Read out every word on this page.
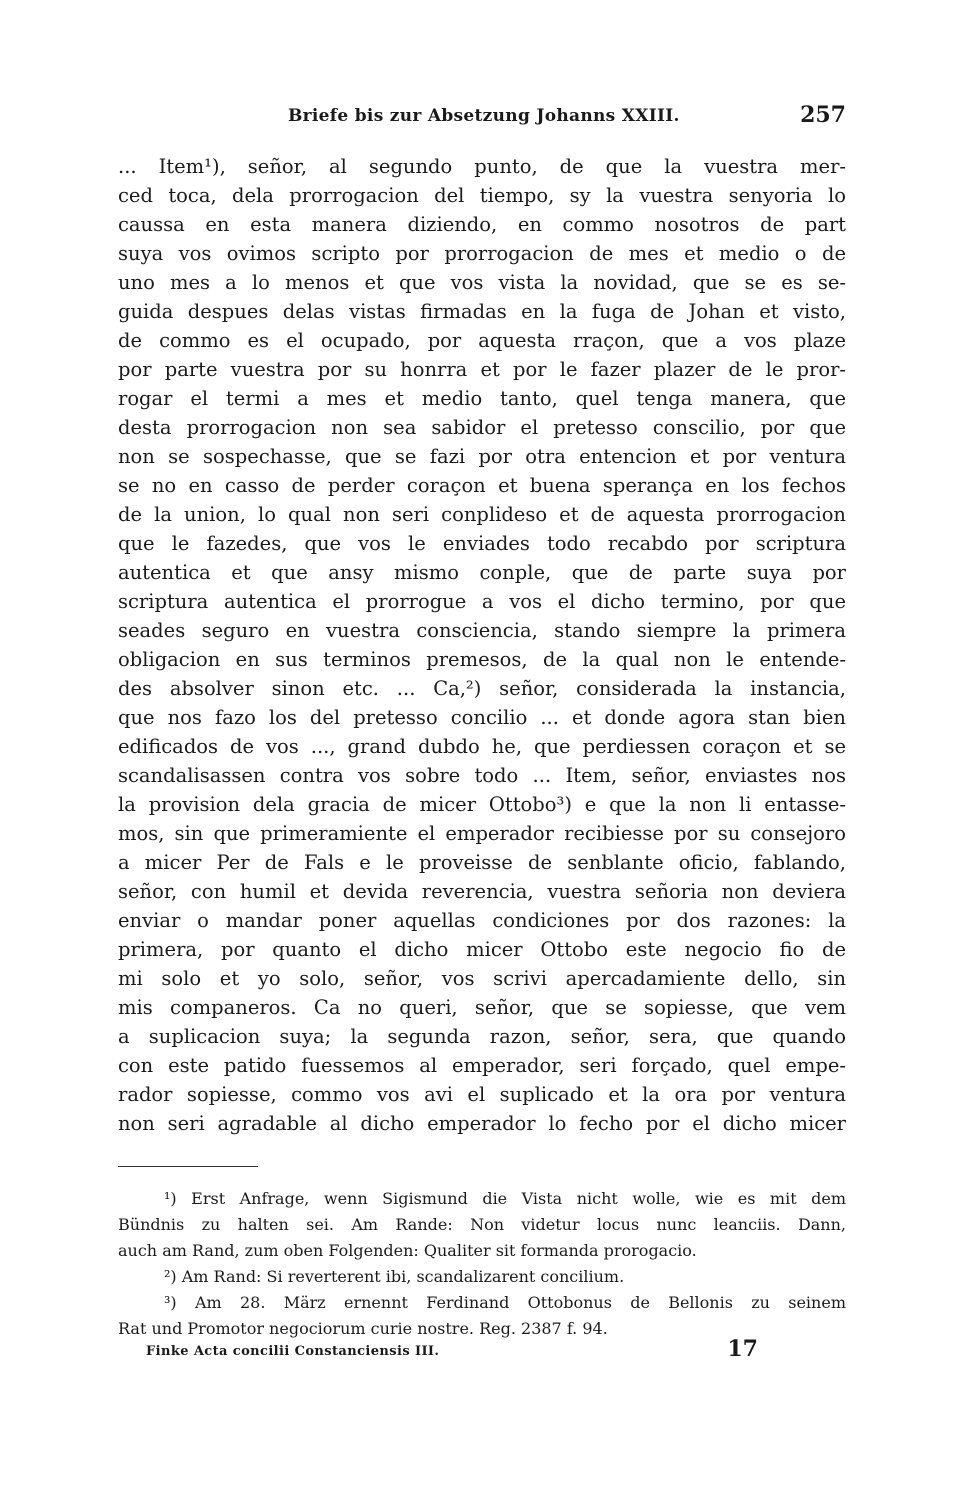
Briefe bis zur Absetzung Johanns XXIII.	257
... Item¹), señor, al segundo punto, de que la vuestra mer-
ced toca, dela prorrogacion del tiempo, sy la vuestra senyoria lo
caussa en esta manera diziendo, en commo nosotros de part
suya vos ovimos scripto por prorrogacion de mes et medio o de
uno mes a lo menos et que vos vista la novidad, que se es se-
guida despues delas vistas firmadas en la fuga de Johan et visto,
de commo es el ocupado, por aquesta rraçon, que a vos plaze
por parte vuestra por su honrra et por le fazer plazer de le pror-
rogar el termi a mes et medio tanto, quel tenga manera, que
desta prorrogacion non sea sabidor el pretesso conscilio, por que
non se sospechasse, que se fazi por otra entencion et por ventura
se no en casso de perder coraçon et buena sperança en los fechos
de la union, lo qual non seri conplideso et de aquesta prorrogacion
que le fazedes, que vos le enviades todo recabdo por scriptura
autentica et que ansy mismo conple, que de parte suya por
scriptura autentica el prorrogue a vos el dicho termino, por que
seades seguro en vuestra consciencia, stando siempre la primera
obligacion en sus terminos premesos, de la qual non le entende-
des absolver sinon etc. ... Ca,²) señor, considerada la instancia,
que nos fazo los del pretesso concilio ... et donde agora stan bien
edificados de vos ..., grand dubdo he, que perdiessen coraçon et se
scandalisassen contra vos sobre todo ... Item, señor, enviastes nos
la provision dela gracia de micer Ottobo³) e que la non li entasse-
mos, sin que primeramiente el emperador recibiesse por su consejoro
a micer Per de Fals e le proveisse de senblante oficio, fablando,
señor, con humil et devida reverencia, vuestra señoria non deviera
enviar o mandar poner aquellas condiciones por dos razones: la
primera, por quanto el dicho micer Ottobo este negocio fio de
mi solo et yo solo, señor, vos scrivi apercadamiente dello, sin
mis companeros. Ca no queri, señor, que se sopiesse, que vem
a suplicacion suya; la segunda razon, señor, sera, que quando
con este patido fuessemos al emperador, seri forçado, quel empe-
rador sopiesse, commo vos avi el suplicado et la ora por ventura
non seri agradable al dicho emperador lo fecho por el dicho micer
¹) Erst Anfrage, wenn Sigismund die Vista nicht wolle, wie es mit dem
Bündnis zu halten sei. Am Rande: Non videtur locus nunc leanciis. Dann,
auch am Rand, zum oben Folgenden: Qualiter sit formanda prorogacio.
²) Am Rand: Si reverterent ibi, scandalizarent concilium.
³) Am 28. März ernennt Ferdinand Ottobonus de Bellonis zu seinem
Rat und Promotor negociorum curie nostre. Reg. 2387 f. 94.
Finke Acta concilii Constanciensis III.	17
